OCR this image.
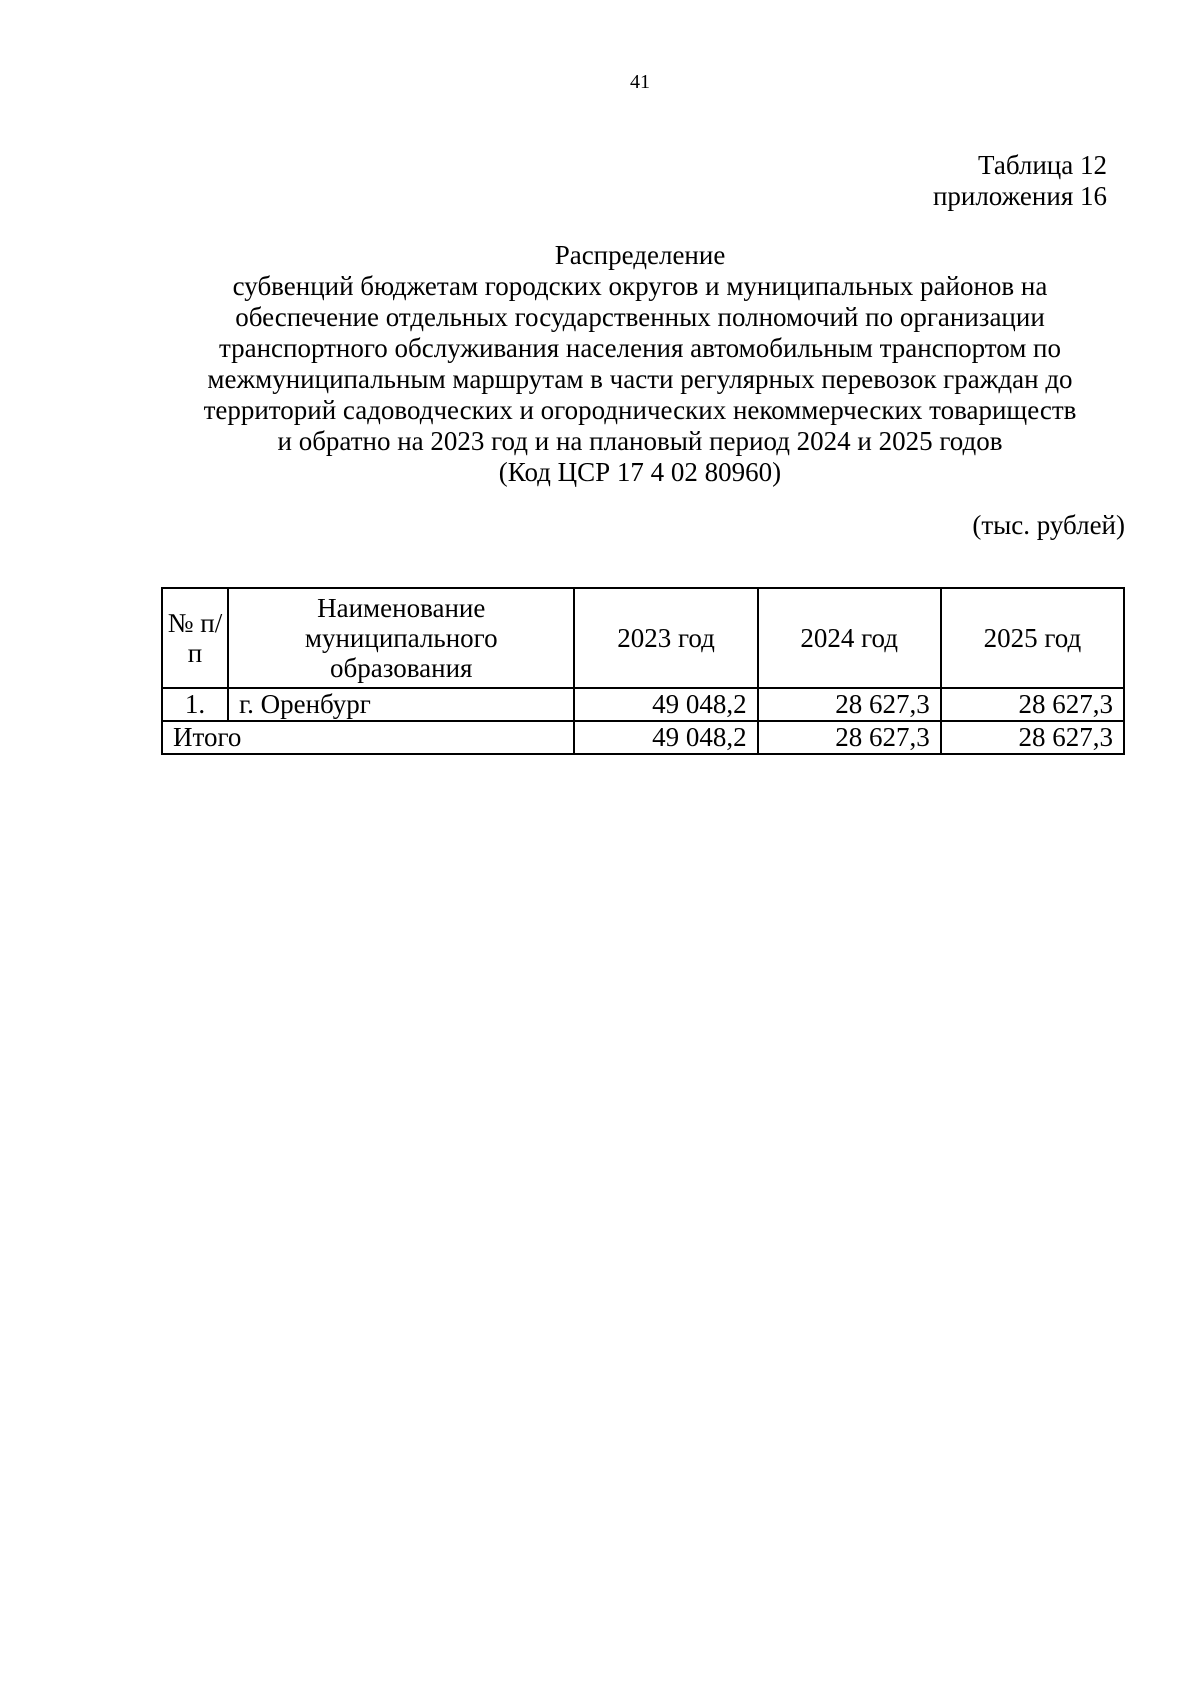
41
Таблица 12
приложения 16
Распределение
субвенций бюджетам городских округов и муниципальных районов на
обеспечение отдельных государственных полномочий по организации
транспортного обслуживания населения автомобильным транспортом по
межмуниципальным маршрутам в части регулярных перевозок граждан до
территорий садоводческих и огороднических некоммерческих товариществ
и обратно на 2023 год и на плановый период 2024 и 2025 годов
(Код ЦСР 17 4 02 80960)
(тыс. рублей)
№ п/п	Наименование муниципального образования	2023 год	2024 год	2025 год
1.	г. Оренбург	49 048,2	28 627,3	28 627,3
Итого		49 048,2	28 627,3	28 627,3
